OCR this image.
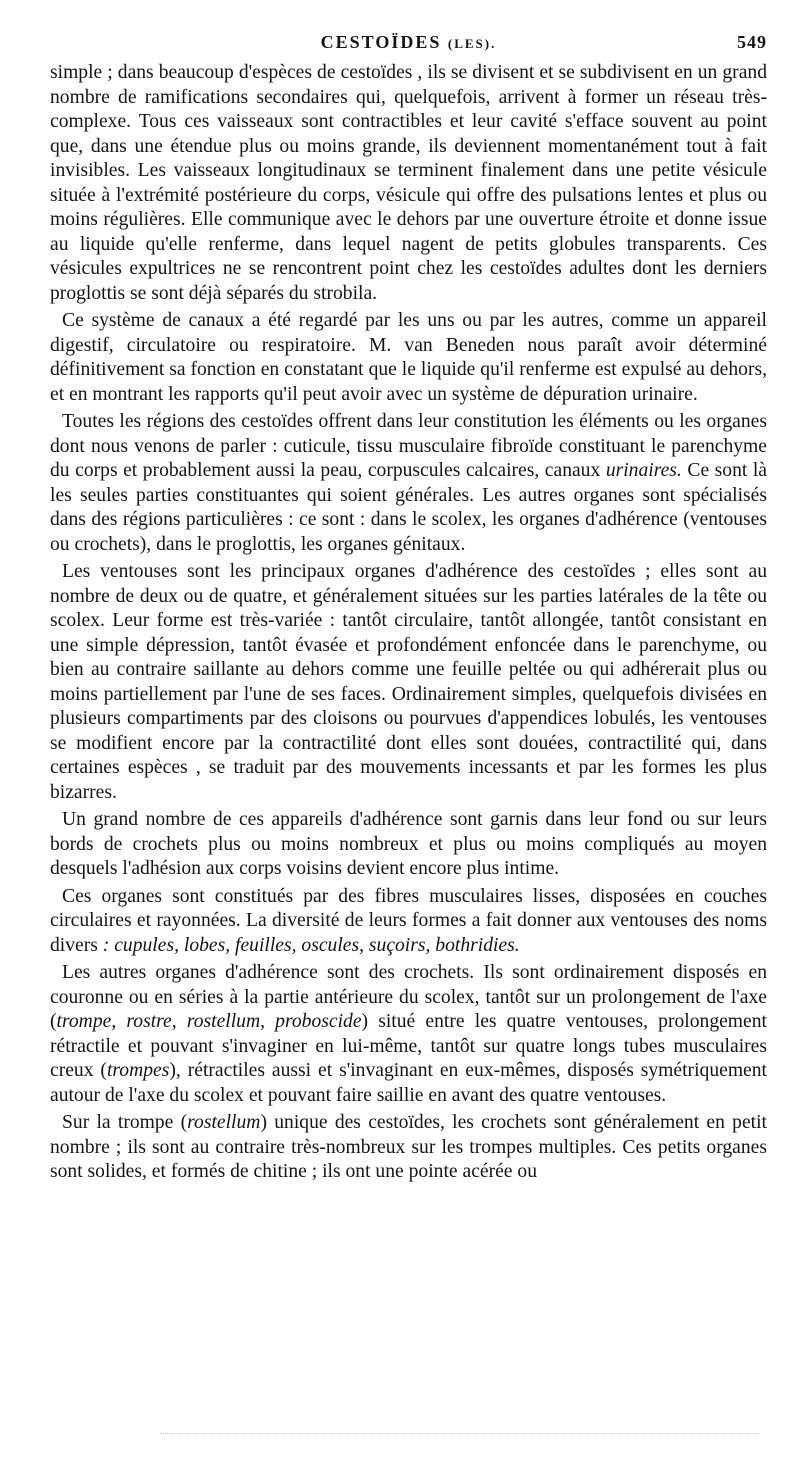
CESTOÏDES (LES).	549

simple ; dans beaucoup d'espèces de cestoïdes , ils se divisent et se subdivisent en un grand nombre de ramifications secondaires qui, quelquefois, arrivent à former un réseau très-complexe. Tous ces vaisseaux sont contractibles et leur cavité s'efface souvent au point que, dans une étendue plus ou moins grande, ils deviennent momentanément tout à fait invisibles. Les vaisseaux longitudinaux se terminent finalement dans une petite vésicule située à l'extrémité postérieure du corps, vésicule qui offre des pulsations lentes et plus ou moins régulières. Elle communique avec le dehors par une ouverture étroite et donne issue au liquide qu'elle renferme, dans lequel nagent de petits globules transparents. Ces vésicules expultrices ne se rencontrent point chez les cestoïdes adultes dont les derniers proglottis se sont déjà séparés du strobila.

Ce système de canaux a été regardé par les uns ou par les autres, comme un appareil digestif, circulatoire ou respiratoire. M. van Beneden nous paraît avoir déterminé définitivement sa fonction en constatant que le liquide qu'il renferme est expulsé au dehors, et en montrant les rapports qu'il peut avoir avec un système de dépuration urinaire.

Toutes les régions des cestoïdes offrent dans leur constitution les éléments ou les organes dont nous venons de parler : cuticule, tissu musculaire fibroïde constituant le parenchyme du corps et probablement aussi la peau, corpuscules calcaires, canaux urinaires. Ce sont là les seules parties constituantes qui soient générales. Les autres organes sont spécialisés dans des régions particulières : ce sont : dans le scolex, les organes d'adhérence (ventouses ou crochets), dans le proglottis, les organes génitaux.

Les ventouses sont les principaux organes d'adhérence des cestoïdes ; elles sont au nombre de deux ou de quatre, et généralement situées sur les parties latérales de la tête ou scolex. Leur forme est très-variée : tantôt circulaire, tantôt allongée, tantôt consistant en une simple dépression, tantôt évasée et profondément enfoncée dans le parenchyme, ou bien au contraire saillante au dehors comme une feuille peltée ou qui adhérerait plus ou moins partiellement par l'une de ses faces. Ordinairement simples, quelquefois divisées en plusieurs compartiments par des cloisons ou pourvues d'appendices lobulés, les ventouses se modifient encore par la contractilité dont elles sont douées, contractilité qui, dans certaines espèces , se traduit par des mouvements incessants et par les formes les plus bizarres.

Un grand nombre de ces appareils d'adhérence sont garnis dans leur fond ou sur leurs bords de crochets plus ou moins nombreux et plus ou moins compliqués au moyen desquels l'adhésion aux corps voisins devient encore plus intime.

Ces organes sont constitués par des fibres musculaires lisses, disposées en couches circulaires et rayonnées. La diversité de leurs formes a fait donner aux ventouses des noms divers : cupules, lobes, feuilles, oscules, suçoirs, bothridies.

Les autres organes d'adhérence sont des crochets. Ils sont ordinairement disposés en couronne ou en séries à la partie antérieure du scolex, tantôt sur un prolongement de l'axe (trompe, rostre, rostellum, proboscide) situé entre les quatre ventouses, prolongement rétractile et pouvant s'invaginer en lui-même, tantôt sur quatre longs tubes musculaires creux (trompes), rétractiles aussi et s'invaginant en eux-mêmes, disposés symétriquement autour de l'axe du scolex et pouvant faire saillie en avant des quatre ventouses.

Sur la trompe (rostellum) unique des cestoïdes, les crochets sont généralement en petit nombre ; ils sont au contraire très-nombreux sur les trompes multiples. Ces petits organes sont solides, et formés de chitine ; ils ont une pointe acérée ou
